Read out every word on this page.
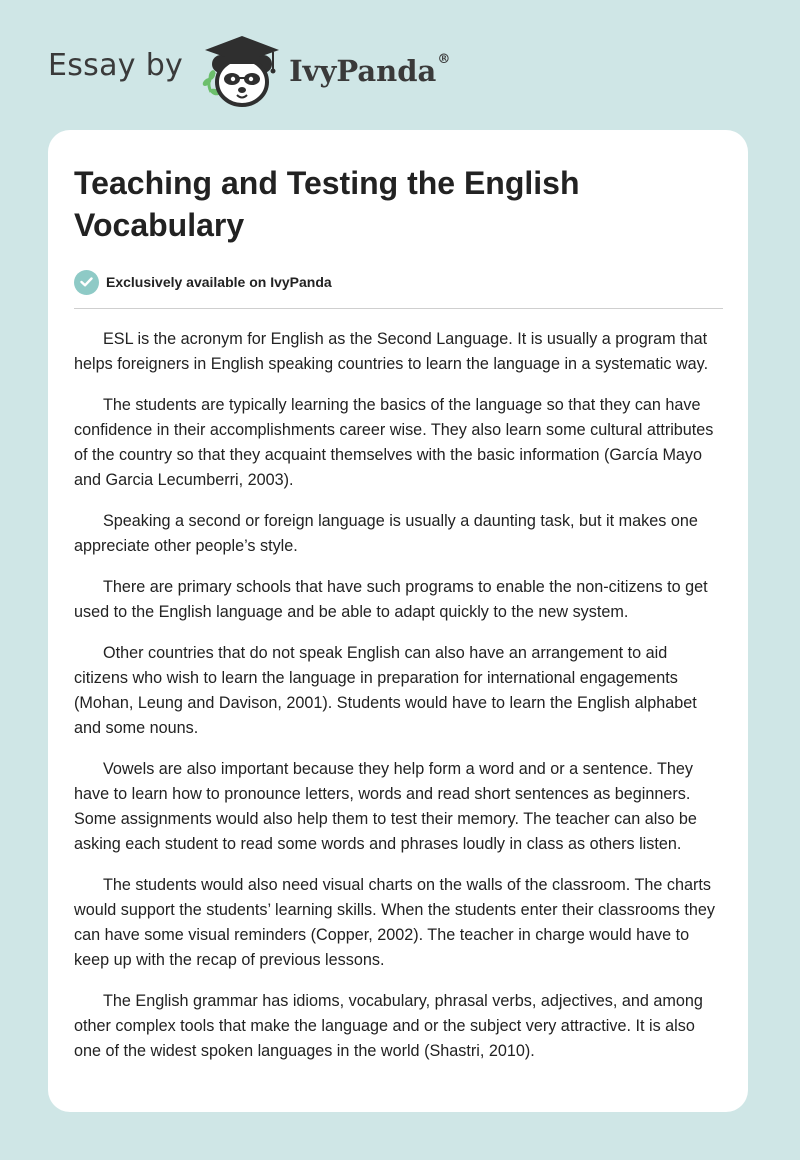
Essay by	IvyPanda®
Teaching and Testing the English Vocabulary
Exclusively available on IvyPanda

ESL is the acronym for English as the Second Language. It is usually a program that helps foreigners in English speaking countries to learn the language in a systematic way.

The students are typically learning the basics of the language so that they can have confidence in their accomplishments career wise. They also learn some cultural attributes of the country so that they acquaint themselves with the basic information (García Mayo and Garcia Lecumberri, 2003).

Speaking a second or foreign language is usually a daunting task, but it makes one appreciate other people’s style.

There are primary schools that have such programs to enable the non-citizens to get used to the English language and be able to adapt quickly to the new system.

Other countries that do not speak English can also have an arrangement to aid citizens who wish to learn the language in preparation for international engagements (Mohan, Leung and Davison, 2001). Students would have to learn the English alphabet and some nouns.

Vowels are also important because they help form a word and or a sentence. They have to learn how to pronounce letters, words and read short sentences as beginners. Some assignments would also help them to test their memory. The teacher can also be asking each student to read some words and phrases loudly in class as others listen.

The students would also need visual charts on the walls of the classroom. The charts would support the students’ learning skills. When the students enter their classrooms they can have some visual reminders (Copper, 2002). The teacher in charge would have to keep up with the recap of previous lessons.

The English grammar has idioms, vocabulary, phrasal verbs, adjectives, and among other complex tools that make the language and or the subject very attractive. It is also one of the widest spoken languages in the world (Shastri, 2010).
